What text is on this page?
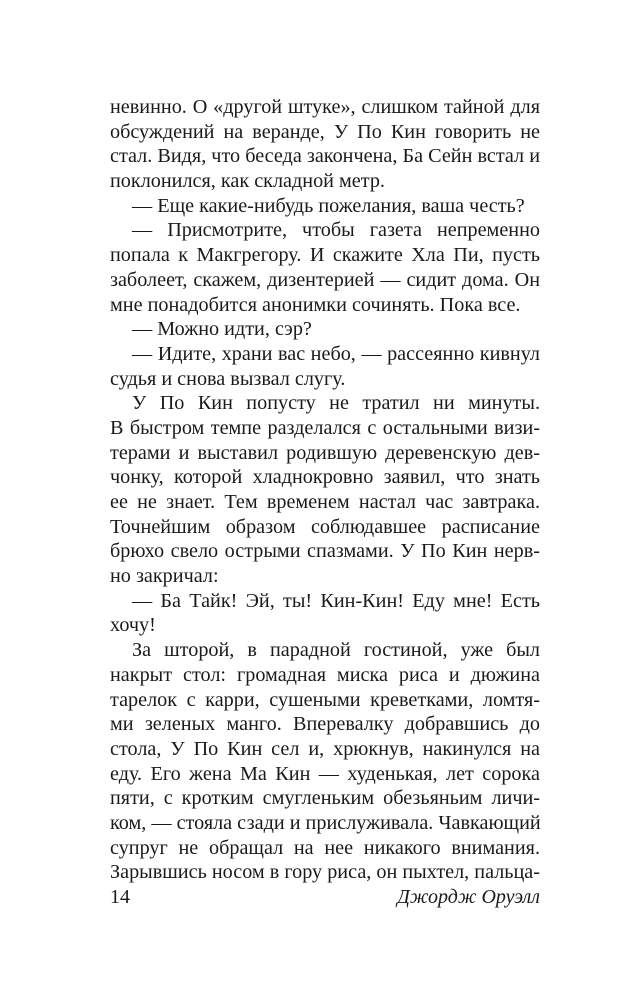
невинно. О «другой штуке», слишком тайной для
обсуждений на веранде, У По Кин говорить не
стал. Видя, что беседа закончена, Ба Сейн встал и
поклонился, как складной метр.
— Еще какие-нибудь пожелания, ваша честь?
— Присмотрите, чтобы газета непременно
попала к Макгрегору. И скажите Хла Пи, пусть
заболеет, скажем, дизентерией — сидит дома. Он
мне понадобится анонимки сочинять. Пока все.
— Можно идти, сэр?
— Идите, храни вас небо, — рассеянно кивнул
судья и снова вызвал слугу.
У По Кин попусту не тратил ни минуты.
В быстром темпе разделался с остальными визи-
терами и выставил родившую деревенскую дев-
чонку, которой хладнокровно заявил, что знать
ее не знает. Тем временем настал час завтрака.
Точнейшим образом соблюдавшее расписание
брюхо свело острыми спазмами. У По Кин нерв-
но закричал:
— Ба Тайк! Эй, ты! Кин-Кин! Еду мне! Есть
хочу!
За шторой, в парадной гостиной, уже был
накрыт стол: громадная миска риса и дюжина
тарелок с карри, сушеными креветками, ломтя-
ми зеленых манго. Вперевалку добравшись до
стола, У По Кин сел и, хрюкнув, накинулся на
еду. Его жена Ма Кин — худенькая, лет сорока
пяти, с кротким смугленьким обезьяньим личи-
ком, — стояла сзади и прислуживала. Чавкающий
супруг не обращал на нее никакого внимания.
Зарывшись носом в гору риса, он пыхтел, пальца-
14	Джордж Оруэлл
